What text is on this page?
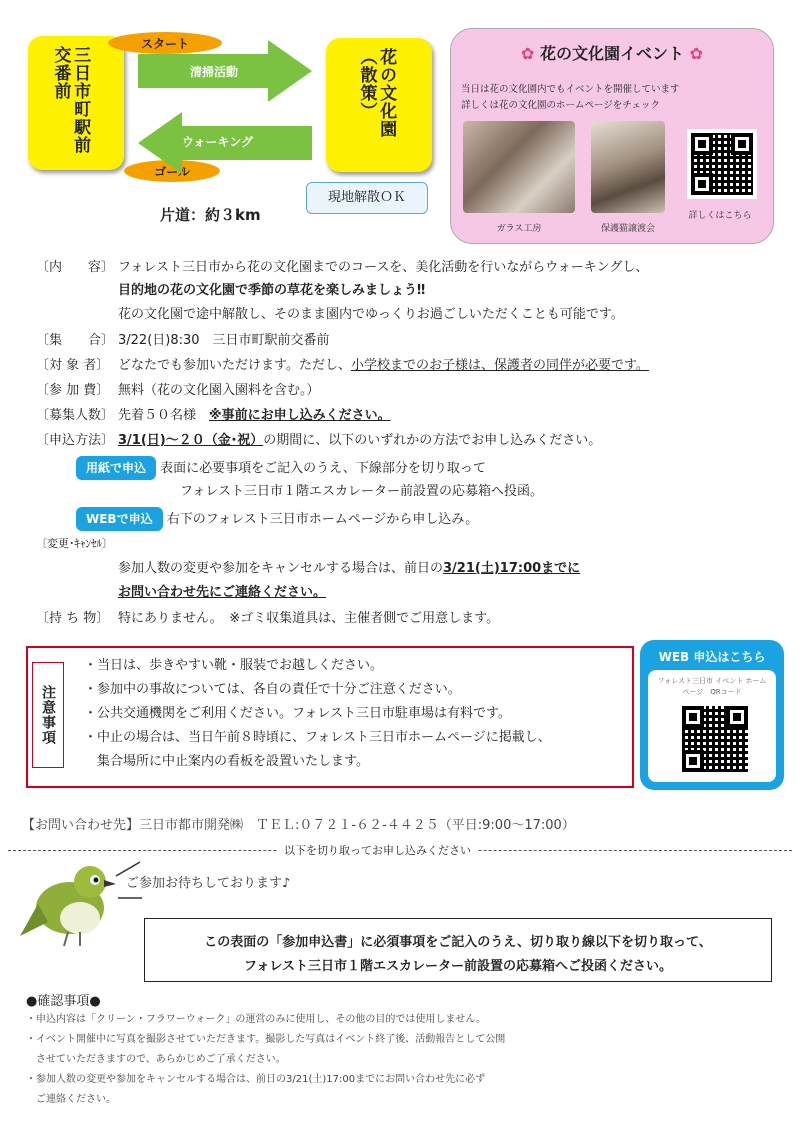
三日市町駅前交番前
スタート
ゴール
清掃活動
ウォーキング
花の文化園（散策）
現地解散ＯＫ
片道：約３km
✿ 花の文化園イベント ✿
当日は花の文化園内でもイベントを開催しています
詳しくは花の文化園のホームページをチェック
ガラス工房	保護猫譲渡会
詳しくはこちら
〔内　　容〕 フォレスト三日市から花の文化園までのコースを、美化活動を行いながらウォーキングし、
目的地の花の文化園で季節の草花を楽しみましょう‼
花の文化園で途中解散し、そのまま園内でゆっくりお過ごしいただくことも可能です。
〔集　　合〕 3/22(日)8:30　三日市町駅前交番前
〔対 象 者〕 どなたでも参加いただけます。ただし、小学校までのお子様は、保護者の同伴が必要です。
〔参 加 費〕 無料（花の文化園入園料を含む。）
〔募集人数〕 先着５０名様　※事前にお申し込みください。
〔申込方法〕 3/1(日)～２０（金･祝）の期間に、以下のいずれかの方法でお申し込みください。
用紙で申込 表面に必要事項をご記入のうえ、下線部分を切り取って
フォレスト三日市１階エスカレーター前設置の応募箱へ投函。
WEBで申込 右下のフォレスト三日市ホームページから申し込み。
〔変更･ｷｬﾝｾﾙ〕
参加人数の変更や参加をキャンセルする場合は、前日の3/21(土)17:00までに
お問い合わせ先にご連絡ください。
〔持 ち 物〕 特にありません。　※ゴミ収集道具は、主催者側でご用意します。
注意事項
・当日は、歩きやすい靴・服装でお越しください。
・参加中の事故については、各自の責任で十分ご注意ください。
・公共交通機関をご利用ください。フォレスト三日市駐車場は有料です。
・中止の場合は、当日午前８時頃に、フォレスト三日市ホームページに掲載し、
　集合場所に中止案内の看板を設置いたします。
WEB 申込はこちら
フォレスト三日市 イベント ホームページ　QRコード
【お問い合わせ先】三日市都市開発㈱　ＴＥＬ:０７２１-６２-４４２５（平日:9:00～17:00）
以下を切り取ってお申し込みください
ご参加お待ちしております♪
この表面の「参加申込書」に必須事項をご記入のうえ、切り取り線以下を切り取って、
フォレスト三日市１階エスカレーター前設置の応募箱へご投函ください。
●確認事項●
・申込内容は「クリーン・フラワーウォーク」の運営のみに使用し、その他の目的では使用しません。
・イベント開催中に写真を撮影させていただきます。撮影した写真はイベント終了後、活動報告として公開
　させていただきますので、あらかじめご了承ください。
・参加人数の変更や参加をキャンセルする場合は、前日の3/21(土)17:00までにお問い合わせ先に必ず
　ご連絡ください。
